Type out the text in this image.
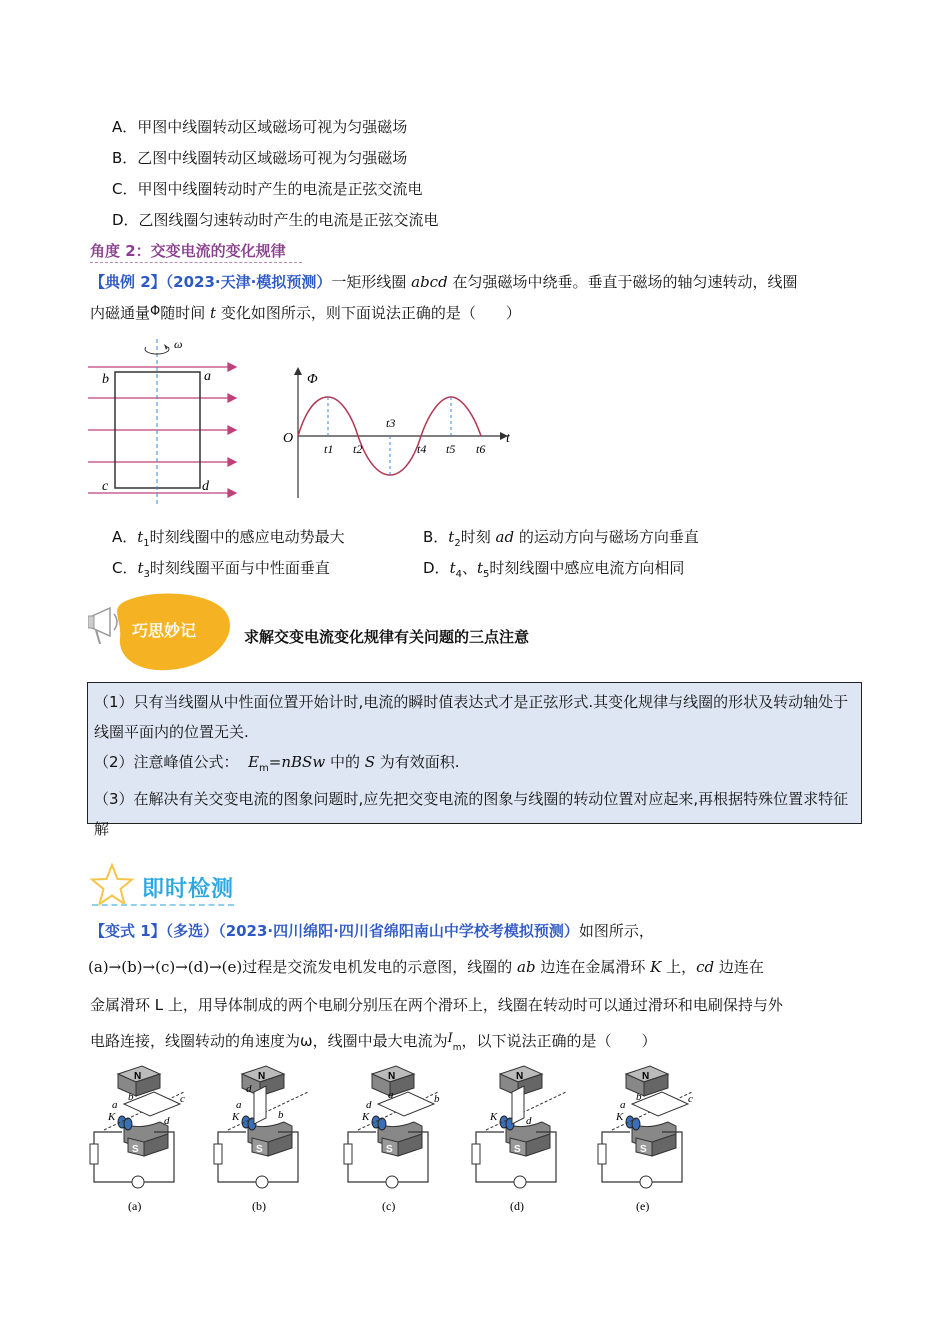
A．甲图中线圈转动区域磁场可视为匀强磁场
B．乙图中线圈转动区域磁场可视为匀强磁场
C．甲图中线圈转动时产生的电流是正弦交流电
D．乙图线圈匀速转动时产生的电流是正弦交流电
角度 2：交变电流的变化规律
【典例 2】（2023·天津·模拟预测）一矩形线圈 abcd 在匀强磁场中绕垂。垂直于磁场的轴匀速转动，线圈
内磁通量Φ随时间 t 变化如图所示，则下面说法正确的是（　　）
ω
b	a
c	d
Φ
t
O
t1 t2
t3
t4 t5 t6
A．$t_1$时刻线圈中的感应电动势最大	B．$t_2$时刻 ad 的运动方向与磁场方向垂直
C．$t_3$时刻线圈平面与中性面垂直	D．$t_4$、$t_5$时刻线圈中感应电流方向相同
巧思妙记	求解交变电流变化规律有关问题的三点注意
（1）只有当线圈从中性面位置开始计时,电流的瞬时值表达式才是正弦形式.其变化规律与线圈的形状及转动轴处于线圈平面内的位置无关.
（2）注意峰值公式： $E_m=nBSw$ 中的 S 为有效面积.
（3）在解决有关交变电流的图象问题时,应先把交变电流的图象与线圈的转动位置对应起来,再根据特殊位置求特征解
即时检测
【变式 1】（多选）（2023·四川绵阳·四川省绵阳南山中学校考模拟预测）如图所示，
(a)→(b)→(c)→(d)→(e)过程是交流发电机发电的示意图，线圈的 ab 边连在金属滑环 K 上，cd 边连在
金属滑环 L 上，用导体制成的两个电刷分别压在两个滑环上，线圈在转动时可以通过滑环和电刷保持与外
电路连接，线圈转动的角速度为ω，线圈中最大电流为$I_m$，以下说法正确的是（　　）
a
b	c
d
K
(a)
N
S
a
d
b
K
(b)
N
S
d
a	b
K
(c)
N
S
K	d
(d)
N
S
a
b	c
K
(e)
N
S
